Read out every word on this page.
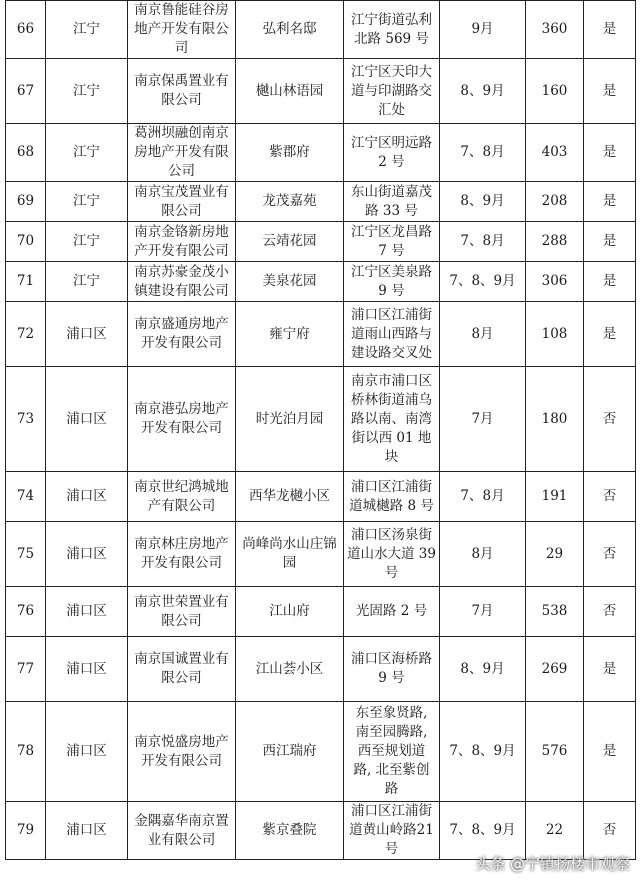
66	江宁	南京鲁能硅谷房
地产开发有限公司	弘利名邸	江宁街道弘利
北路 569 号	9月	360	是
67	江宁	南京保禹置业有
限公司	樾山林语园	江宁区天印大
道与印湖路交
汇处	8、9月	160	是
68	江宁	葛洲坝融创南京
房地产开发有限
公司	紫郡府	江宁区明远路
2 号	7、8月	403	是
69	江宁	南京宝茂置业有
限公司	龙茂嘉苑	东山街道嘉茂
路 33 号	8、9月	208	是
70	江宁	南京金铬新房地
产开发有限公司	云靖花园	江宁区龙昌路
7 号	7、8月	288	是
71	江宁	南京苏豪金茂小
镇建设有限公司	美泉花园	江宁区美泉路
9 号	7、8、9月	306	是
72	浦口区	南京盛通房地产
开发有限公司	雍宁府	浦口区江浦街
道雨山西路与
建设路交叉处	8月	108	是
73	浦口区	南京港弘房地产
开发有限公司	时光泊月园	南京市浦口区
桥林街道浦乌
路以南、南湾
街以西 01 地
块	7月	180	否
74	浦口区	南京世纪鸿城地
产有限公司	西华龙樾小区	浦口区江浦街
道城樾路 8 号	7、8月	191	否
75	浦口区	南京林庄房地产
开发有限公司	尚峰尚水山庄锦
园	浦口区汤泉街
道山水大道 39
号	8月	29	否
76	浦口区	南京世荣置业有
限公司	江山府	光固路 2 号	7月	538	否
77	浦口区	南京国诚置业有
限公司	江山荟小区	浦口区海桥路
9 号	8、9月	269	是
78	浦口区	南京悦盛房地产
开发有限公司	西江瑞府	东至象贤路,
南至园腾路,
西至规划道
路, 北至紫创
路	7、8、9月	576	是
79	浦口区	金隅嘉华南京置
业有限公司	紫京叠院	浦口区江浦街
道黄山岭路21
号	7、8、9月	22	否
头条 @宁镇扬楼市观察
